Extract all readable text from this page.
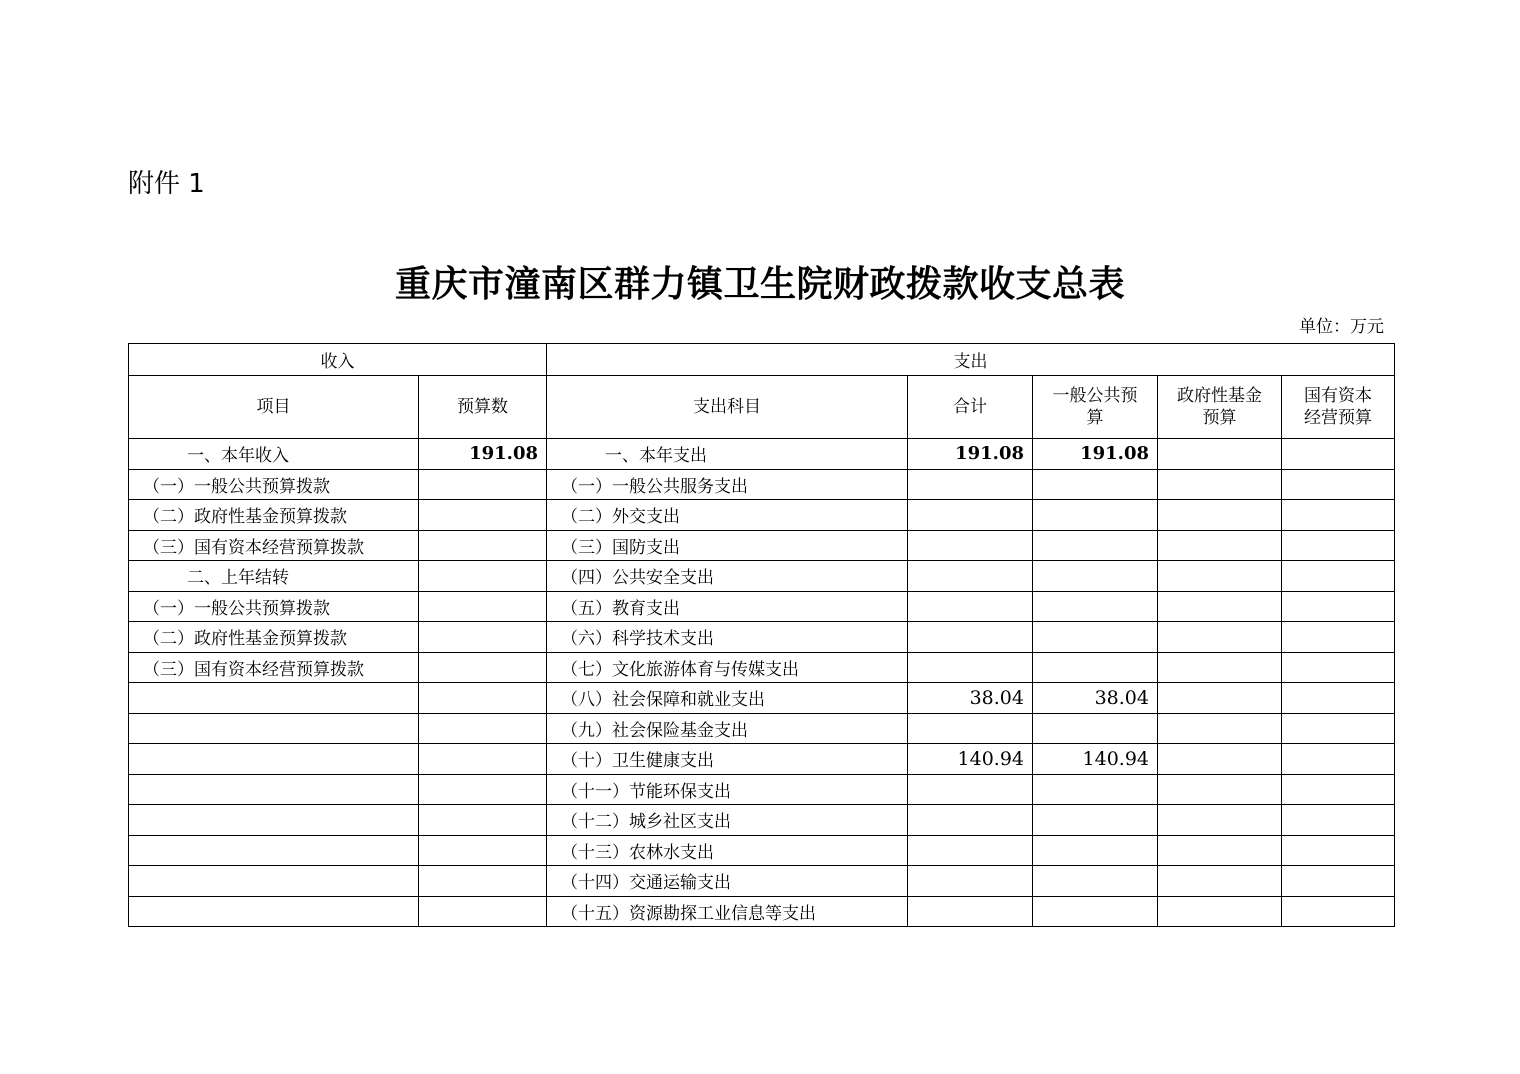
附件 1
重庆市潼南区群力镇卫生院财政拨款收支总表
单位：万元
收入		支出				
项目	预算数	支出科目	合计	一般公共预算	政府性基金预算	国有资本经营预算
一、本年收入	191.08	一、本年支出	191.08	191.08		
（一）一般公共预算拨款		（一）一般公共服务支出				
（二）政府性基金预算拨款		（二）外交支出				
（三）国有资本经营预算拨款		（三）国防支出				
二、上年结转		（四）公共安全支出				
（一）一般公共预算拨款		（五）教育支出				
（二）政府性基金预算拨款		（六）科学技术支出				
（三）国有资本经营预算拨款		（七）文化旅游体育与传媒支出				
		（八）社会保障和就业支出	38.04	38.04		
		（九）社会保险基金支出				
		（十）卫生健康支出	140.94	140.94		
		（十一）节能环保支出				
		（十二）城乡社区支出				
		（十三）农林水支出				
		（十四）交通运输支出				
		（十五）资源勘探工业信息等支出				
